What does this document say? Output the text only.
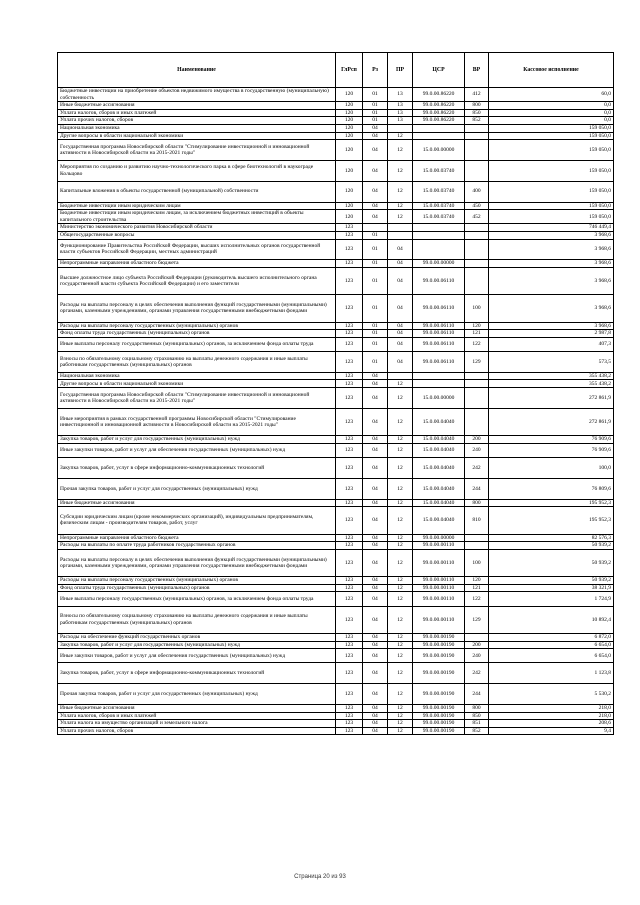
Наименование	ГлРсп	Рз	ПР	ЦСР	ВР	Кассовое исполнение
Бюджетные инвестиции на приобретение объектов недвижимого имущества в государственную (муниципальную) собственность	120	01	13	99.0.00.86220	412	60,0
Иные бюджетные ассигнования	120	01	13	99.0.00.86220	800	0,0
Уплата налогов, сборов и иных платежей	120	01	13	99.0.00.86220	850	0,0
Уплата прочих налогов, сборов	120	01	13	99.0.00.86220	852	0,0
Национальная экономика	120	04				159 050,0
Другие вопросы в области национальной экономики	120	04	12			159 050,0
Государственная программа Новосибирской области "Стимулирование инвестиционной и инновационной активности в Новосибирской области на 2015-2021 годы"	120	04	12	15.0.00.00000		159 050,0
Мероприятия по созданию и развитию научно-технологического парка в сфере биотехнологий в наукограде Кольцово	120	04	12	15.0.00.03740		159 050,0
Капитальные вложения в объекты государственной (муниципальной) собственности	120	04	12	15.0.00.03740	400	159 050,0
Бюджетные инвестиции иным юридическим лицам	120	04	12	15.0.00.03740	450	159 050,0
Бюджетные инвестиции иным юридическим лицам, за исключением бюджетных инвестиций в объекты капитального строительства	120	04	12	15.0.00.03740	452	159 050,0
Министерство экономического развития Новосибирской области	123					746 449,4
Общегосударственные вопросы	123	01				3 968,6
Функционирование Правительства Российской Федерации, высших исполнительных органов государственной власти субъектов Российской Федерации, местных администраций	123	01	04			3 968,6
Непрограммные направления областного бюджета	123	01	04	99.0.00.00000		3 968,6
Высшее должностное лицо субъекта Российской Федерации (руководитель высшего исполнительного органа государственной власти субъекта Российской Федерации) и его заместители	123	01	04	99.0.00.06110		3 968,6
Расходы на выплаты персоналу в целях обеспечения выполнения функций государственными (муниципальными) органами, казенными учреждениями, органами управления государственными внебюджетными фондами	123	01	04	99.0.00.06110	100	3 968,6
Расходы на выплаты персоналу государственных (муниципальных) органов	123	01	04	99.0.00.06110	120	3 968,6
Фонд оплаты труда государственных (муниципальных) органов	123	01	04	99.0.00.06110	121	2 987,8
Иные выплаты персоналу государственных (муниципальных) органов, за исключением фонда оплаты труда	123	01	04	99.0.00.06110	122	407,3
Взносы по обязательному социальному страхованию на выплаты денежного содержания и иные выплаты работникам государственных (муниципальных) органов	123	01	04	99.0.00.06110	129	573,5
Национальная экономика	123	04				355 438,2
Другие вопросы в области национальной экономики	123	04	12			355 438,2
Государственная программа Новосибирской области "Стимулирование инвестиционной и инновационной активности в Новосибирской области на 2015-2021 годы"	123	04	12	15.0.00.00000		272 861,9
Иные мероприятия в рамках государственной программы Новосибирской области "Стимулирование инвестиционной и инновационной активности в Новосибирской области на 2015-2021 годы"	123	04	12	15.0.00.04040		272 861,9
Закупка товаров, работ и услуг для государственных (муниципальных) нужд	123	04	12	15.0.00.04040	200	76 909,6
Иные закупки товаров, работ и услуг для обеспечения государственных (муниципальных) нужд	123	04	12	15.0.00.04040	240	76 909,6
Закупка товаров, работ, услуг в сфере информационно-коммуникационных технологий	123	04	12	15.0.00.04040	242	100,0
Прочая закупка товаров, работ и услуг для государственных (муниципальных) нужд	123	04	12	15.0.00.04040	244	76 809,6
Иные бюджетные ассигнования	123	04	12	15.0.00.04040	800	195 952,3
Субсидии юридическим лицам (кроме некоммерческих организаций), индивидуальным предпринимателям, физическим лицам - производителям товаров, работ, услуг	123	04	12	15.0.00.04040	810	195 952,3
Непрограммные направления областного бюджета	123	04	12	99.0.00.00000		82 576,3
Расходы на выплаты по оплате труда работников государственных органов	123	04	12	99.0.00.00110		50 939,2
Расходы на выплаты персоналу в целях обеспечения выполнения функций государственными (муниципальными) органами, казенными учреждениями, органами управления государственными внебюджетными фондами	123	04	12	99.0.00.00110	100	50 939,2
Расходы на выплаты персоналу государственных (муниципальных) органов	123	04	12	99.0.00.00110	120	50 939,2
Фонд оплаты труда государственных (муниципальных) органов	123	04	12	99.0.00.00110	121	38 321,9
Иные выплаты персоналу государственных (муниципальных) органов, за исключением фонда оплаты труда	123	04	12	99.0.00.00110	122	1 724,9
Взносы по обязательному социальному страхованию на выплаты денежного содержания и иные выплаты работникам государственных (муниципальных) органов	123	04	12	99.0.00.00110	129	10 892,4
Расходы на обеспечение функций государственных органов	123	04	12	99.0.00.00190		6 872,0
Закупка товаров, работ и услуг для государственных (муниципальных) нужд	123	04	12	99.0.00.00190	200	6 654,0
Иные закупки товаров, работ и услуг для обеспечения государственных (муниципальных) нужд	123	04	12	99.0.00.00190	240	6 654,0
Закупка товаров, работ, услуг в сфере информационно-коммуникационных технологий	123	04	12	99.0.00.00190	242	1 123,8
Прочая закупка товаров, работ и услуг для государственных (муниципальных) нужд	123	04	12	99.0.00.00190	244	5 530,2
Иные бюджетные ассигнования	123	04	12	99.0.00.00190	800	218,0
Уплата налогов, сборов и иных платежей	123	04	12	99.0.00.00190	850	218,0
Уплата налога на имущество организаций и земельного налога	123	04	12	99.0.00.00190	851	208,6
Уплата прочих налогов, сборов	123	04	12	99.0.00.00190	852	9,4
Страница 20 из 93
